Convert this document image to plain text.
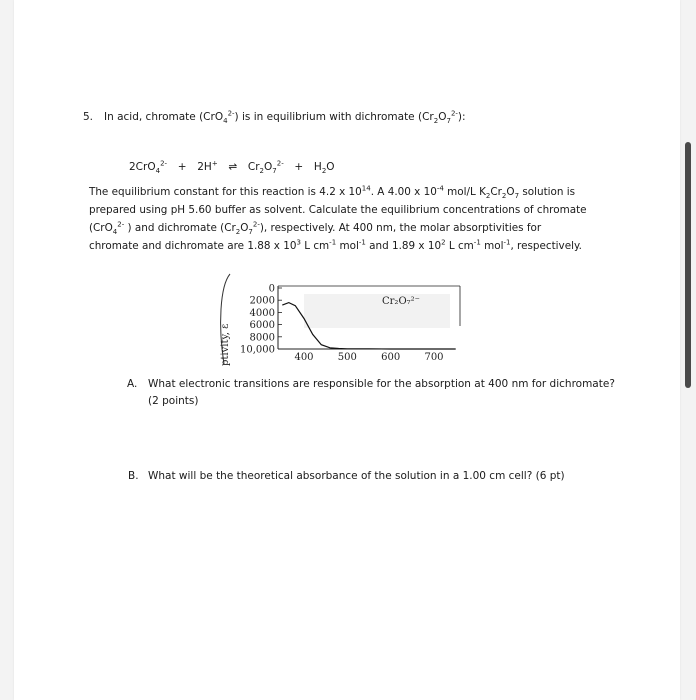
5. In acid, chromate (CrO$_4^{2-}$) is in equilibrium with dichromate $(Cr_2O_7^{2-})$:
2CrO$_4^{2-}$ + 2H+ ⇌ $Cr_2O_7^{2-} + H_2O$
The equilibrium constant for this reaction is 4.2 x $10^{14}$. A 4.00 x $10^{-4}$ mol/L $K_2Cr_2O_7$ solution is
prepared using pH 5.60 buffer as solvent. Calculate the equilibrium concentrations of chromate
(CrO$_4^{2-}$ ) and dichromate $(Cr_2O_7^{2-})$, respectively. At 400 nm, the molar absorptivities for
chromate and dichromate are 1.88 x $10^3$ L $cm^{-1}$ mol$^{-1}$ and 1.89 x $10^2$ L $cm^{-1}$ mol$^{-1}$, respectively.
ptivity, ε
0
2000
4000
6000
8000
10,000
400 500 600 700
Cr₂O₇²⁻
A. What electronic transitions are responsible for the absorption at 400 nm for dichromate? (2 points)
B. What will be the theoretical absorbance of the solution in a 1.00 cm cell? (6 pt)
